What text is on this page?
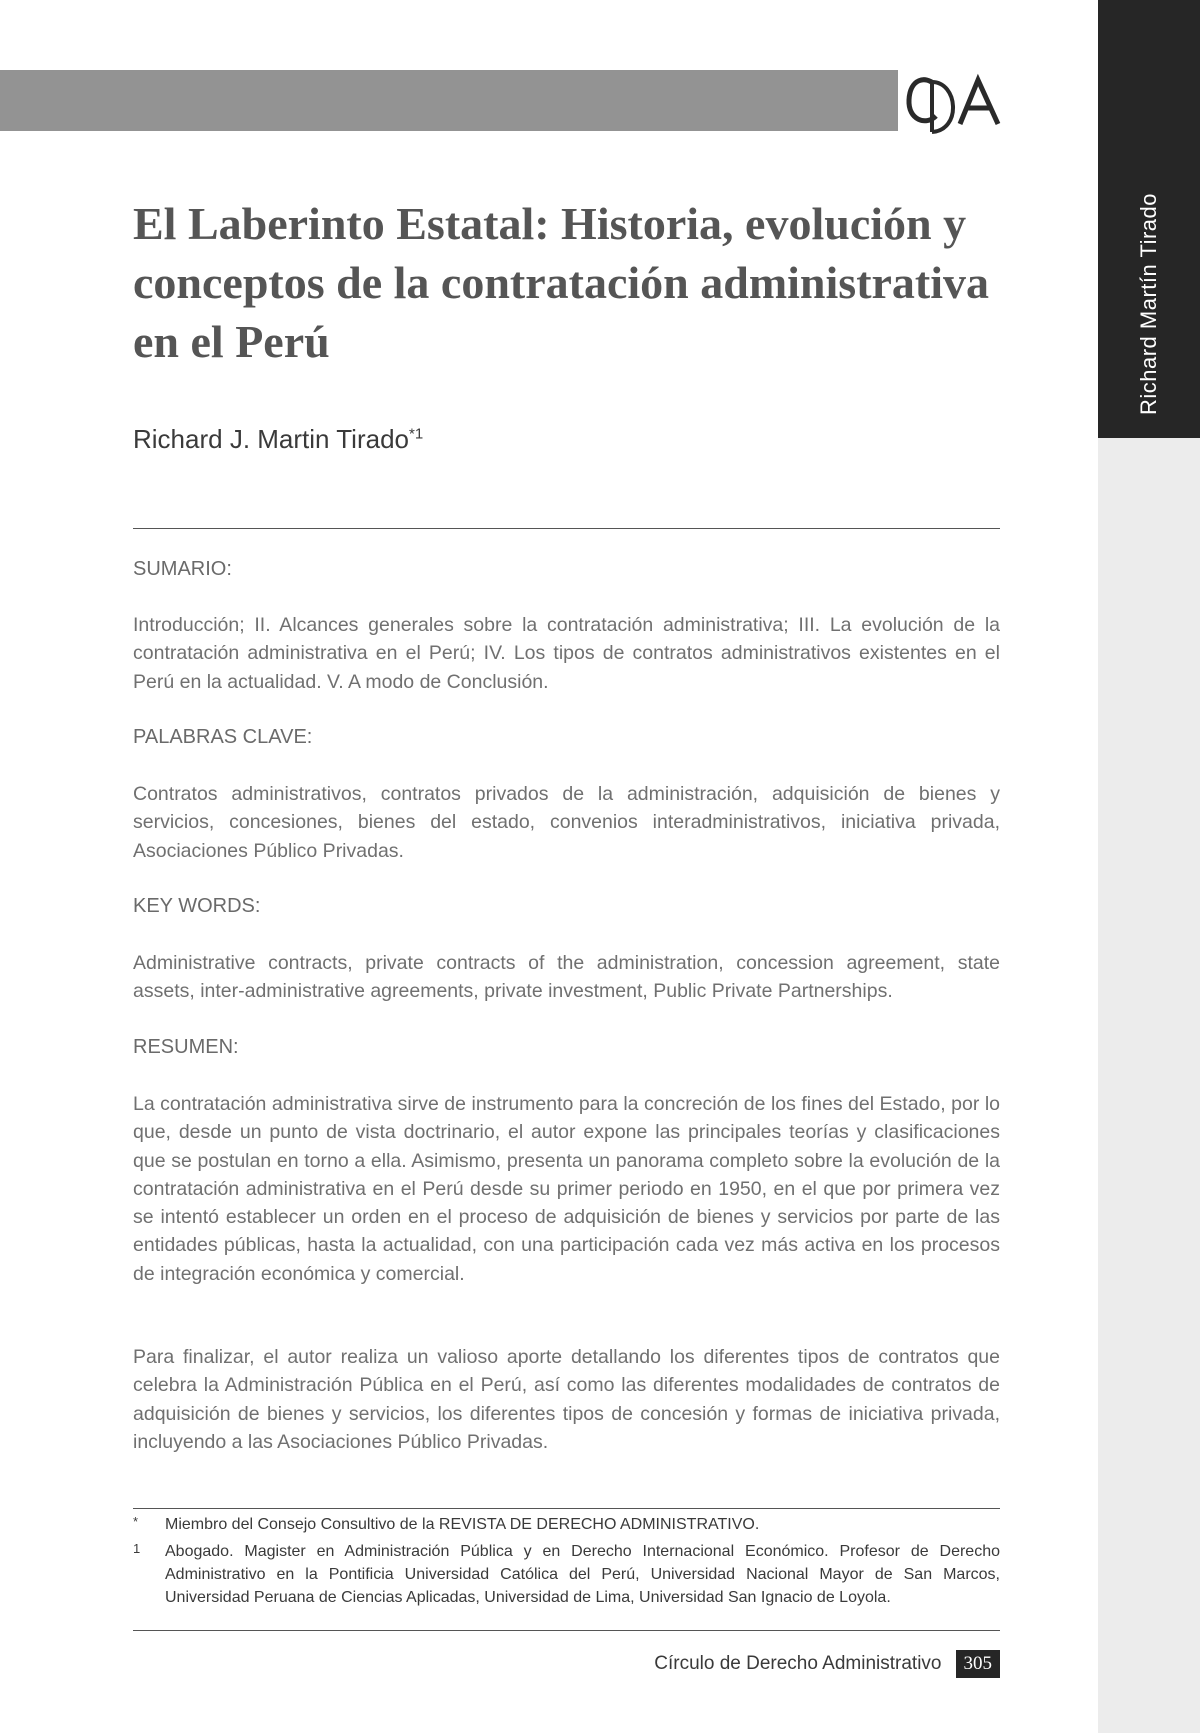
Richard Martín Tirado
El Laberinto Estatal: Historia, evolución y conceptos de la contratación administrativa en el Perú
Richard J. Martin Tirado$^{*1}$
SUMARIO:

Introducción; II. Alcances generales sobre la contratación administrativa; III. La evolución de la contratación administrativa en el Perú; IV. Los tipos de contratos administrativos existentes en el Perú en la actualidad. V. A modo de Conclusión.

PALABRAS CLAVE:

Contratos administrativos, contratos privados de la administración, adquisición de bienes y servicios, concesiones, bienes del estado, convenios interadministrativos, iniciativa privada, Asociaciones Público Privadas.

KEY WORDS:

Administrative contracts, private contracts of the administration, concession agreement, state assets, inter-administrative agreements, private investment, Public Private Partnerships.

RESUMEN:

La contratación administrativa sirve de instrumento para la concreción de los fines del Estado, por lo que, desde un punto de vista doctrinario, el autor expone las principales teorías y clasificaciones que se postulan en torno a ella. Asimismo, presenta un panorama completo sobre la evolución de la contratación administrativa en el Perú desde su primer periodo en 1950, en el que por primera vez se intentó establecer un orden en el proceso de adquisición de bienes y servicios por parte de las entidades públicas, hasta la actualidad, con una participación cada vez más activa en los procesos de integración económica y comercial.

Para finalizar, el autor realiza un valioso aporte detallando los diferentes tipos de contratos que celebra la Administración Pública en el Perú, así como las diferentes modalidades de contratos de adquisición de bienes y servicios, los diferentes tipos de concesión y formas de iniciativa privada, incluyendo a las Asociaciones Público Privadas.

* Miembro del Consejo Consultivo de la REVISTA DE DERECHO ADMINISTRATIVO.
1 Abogado. Magister en Administración Pública y en Derecho Internacional Económico. Profesor de Derecho Administrativo en la Pontificia Universidad Católica del Perú, Universidad Nacional Mayor de San Marcos, Universidad Peruana de Ciencias Aplicadas, Universidad de Lima, Universidad San Ignacio de Loyola.
Círculo de Derecho Administrativo	305
